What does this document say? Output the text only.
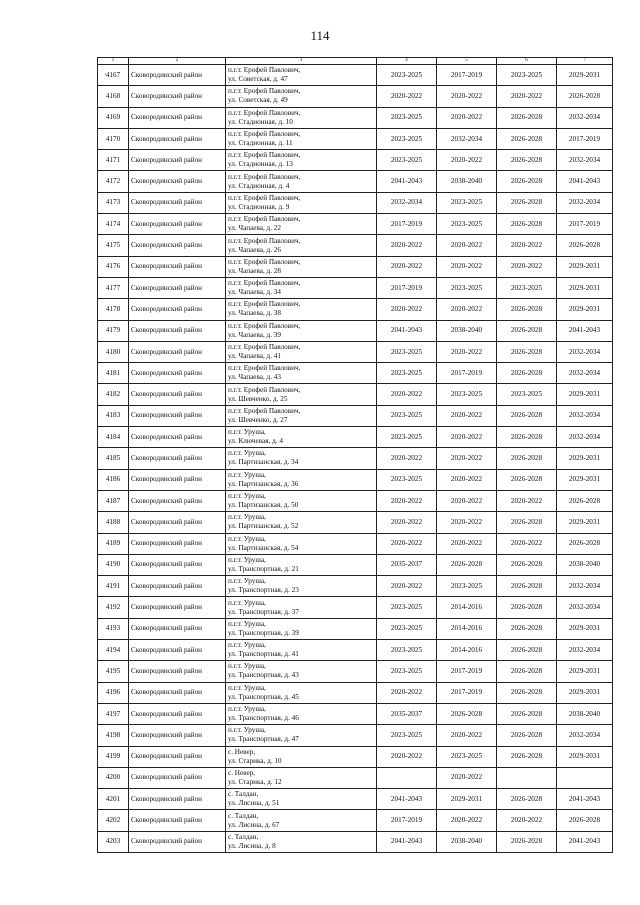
114
·
1	2	3	4	5	6	7
4167	Сковородинский район	п.г.т. Ерофей Павлович,
ул. Советская, д. 47	2023-2025	2017-2019	2023-2025	2029-2031
4168	Сковородинский район	п.г.т. Ерофей Павлович,
ул. Советская, д. 49	2020-2022	2020-2022	2020-2022	2026-2028
4169	Сковородинский район	п.г.т. Ерофей Павлович,
ул. Стадионная, д. 10	2023-2025	2020-2022	2026-2028	2032-2034
4170	Сковородинский район	п.г.т. Ерофей Павлович,
ул. Стадионная, д. 11	2023-2025	2032-2034	2026-2028	2017-2019
4171	Сковородинский район	п.г.т. Ерофей Павлович,
ул. Стадионная, д. 13	2023-2025	2020-2022	2026-2028	2032-2034
4172	Сковородинский район	п.г.т. Ерофей Павлович,
ул. Стадионная, д. 4	2041-2043	2038-2040	2026-2028	2041-2043
4173	Сковородинский район	п.г.т. Ерофей Павлович,
ул. Стадионная, д. 9	2032-2034	2023-2025	2026-2028	2032-2034
4174	Сковородинский район	п.г.т. Ерофей Павлович,
ул. Чапаева, д. 22	2017-2019	2023-2025	2026-2028	2017-2019
4175	Сковородинский район	п.г.т. Ерофей Павлович,
ул. Чапаева, д. 26	2020-2022	2020-2022	2020-2022	2026-2028
4176	Сковородинский район	п.г.т. Ерофей Павлович,
ул. Чапаева, д. 28	2020-2022	2020-2022	2020-2022	2029-2031
4177	Сковородинский район	п.г.т. Ерофей Павлович,
ул. Чапаева, д. 34	2017-2019	2023-2025	2023-2025	2029-2031
4178	Сковородинский район	п.г.т. Ерофей Павлович,
ул. Чапаева, д. 38	2020-2022	2020-2022	2026-2028	2029-2031
4179	Сковородинский район	п.г.т. Ерофей Павлович,
ул. Чапаева, д. 39	2041-2043	2038-2040	2026-2028	2041-2043
4180	Сковородинский район	п.г.т. Ерофей Павлович,
ул. Чапаева, д. 41	2023-2025	2020-2022	2026-2028	2032-2034
4181	Сковородинский район	п.г.т. Ерофей Павлович,
ул. Чапаева, д. 43	2023-2025	2017-2019	2026-2028	2032-2034
4182	Сковородинский район	п.г.т. Ерофей Павлович,
ул. Шевченко, д. 25	2020-2022	2023-2025	2023-2025	2029-2031
4183	Сковородинский район	п.г.т. Ерофей Павлович,
ул. Шевченко, д. 27	2023-2025	2020-2022	2026-2028	2032-2034
4184	Сковородинский район	п.г.т. Уруша,
ул. Ключевая, д. 4	2023-2025	2020-2022	2026-2028	2032-2034
4185	Сковородинский район	п.г.т. Уруша,
ул. Партизанская, д. 34	2020-2022	2020-2022	2026-2028	2029-2031
4186	Сковородинский район	п.г.т. Уруша,
ул. Партизанская, д. 36	2023-2025	2020-2022	2026-2028	2029-2031
4187	Сковородинский район	п.г.т. Уруша,
ул. Партизанская, д. 50	2020-2022	2020-2022	2020-2022	2026-2028
4188	Сковородинский район	п.г.т. Уруша,
ул. Партизанская, д. 52	2020-2022	2020-2022	2026-2028	2029-2031
4189	Сковородинский район	п.г.т. Уруша,
ул. Партизанская, д. 54	2020-2022	2020-2022	2020-2022	2026-2028
4190	Сковородинский район	п.г.т. Уруша,
ул. Транспортная, д. 21	2035-2037	2026-2028	2026-2028	2038-2040
4191	Сковородинский район	п.г.т. Уруша,
ул. Транспортная, д. 23	2020-2022	2023-2025	2026-2028	2032-2034
4192	Сковородинский район	п.г.т. Уруша,
ул. Транспортная, д. 37	2023-2025	2014-2016	2026-2028	2032-2034
4193	Сковородинский район	п.г.т. Уруша,
ул. Транспортная, д. 39	2023-2025	2014-2016	2026-2028	2029-2031
4194	Сковородинский район	п.г.т. Уруша,
ул. Транспортная, д. 41	2023-2025	2014-2016	2026-2028	2032-2034
4195	Сковородинский район	п.г.т. Уруша,
ул. Транспортная, д. 43	2023-2025	2017-2019	2026-2028	2029-2031
4196	Сковородинский район	п.г.т. Уруша,
ул. Транспортная, д. 45	2020-2022	2017-2019	2026-2028	2029-2031
4197	Сковородинский район	п.г.т. Уруша,
ул. Транспортная, д. 46	2035-2037	2026-2028	2026-2028	2038-2040
4198	Сковородинский район	п.г.т. Уруша,
ул. Транспортная, д. 47	2023-2025	2020-2022	2026-2028	2032-2034
4199	Сковородинский район	с. Невер,
ул. Старика, д. 10	2020-2022	2023-2025	2026-2028	2029-2031
4200	Сковородинский район	с. Невер,
ул. Старика, д. 12		2020-2022		
4201	Сковородинский район	с. Талдан,
ул. Лисина, д. 51	2041-2043	2029-2031	2026-2028	2041-2043
4202	Сковородинский район	с. Талдан,
ул. Лисина, д. 67	2017-2019	2020-2022	2020-2022	2026-2028
4203	Сковородинский район	с. Талдан,
ул. Лисина, д. 8	2041-2043	2038-2040	2026-2028	2041-2043
